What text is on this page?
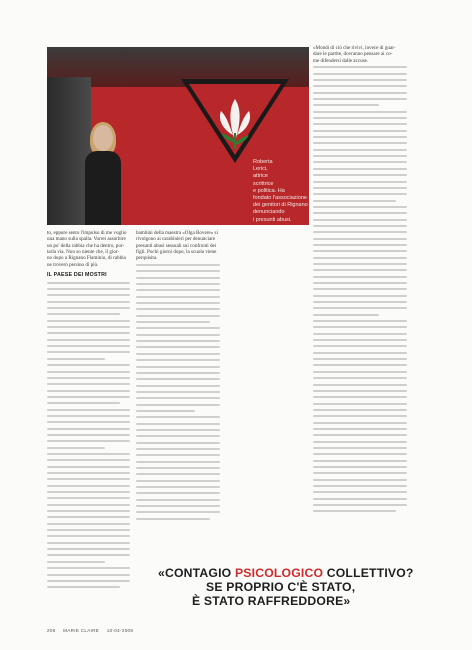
Roberta
Lerici,
attrice
scrittrice
e politica. Ha
fondato l'associazione
dei genitori di Rignano
denunciando
i presunti abusi.
to, eppure sento l'impulso di me voglio
una mano sulla spalla. Vorrei assorbire
un po' della rabbia che ha dentro, por-
tarla via. Non so niente che, il gior-
no dopo a Rignano Flaminio, di rabbia
ne troverò persino di più.
IL PAESE DEI MOSTRI
bambini della maestra «Olga Rovere» si
rivolgono ai carabinieri per denunciare
presunti abusi sessuali sui confronti dei
figli. Pochi giorni dopo, la scuola viene
perquisita.
«Mondi di ciò che rivivi, invece di guar-
dare le partite, dovranno pensare ai co-
me difendersi dalle accuse.
«CONTAGIO PSICOLOGICO COLLETTIVO?
SE PROPRIO C'È STATO,
È STATO RAFFREDDORE»
206 MARIE CLAIRE 10-04-2008
